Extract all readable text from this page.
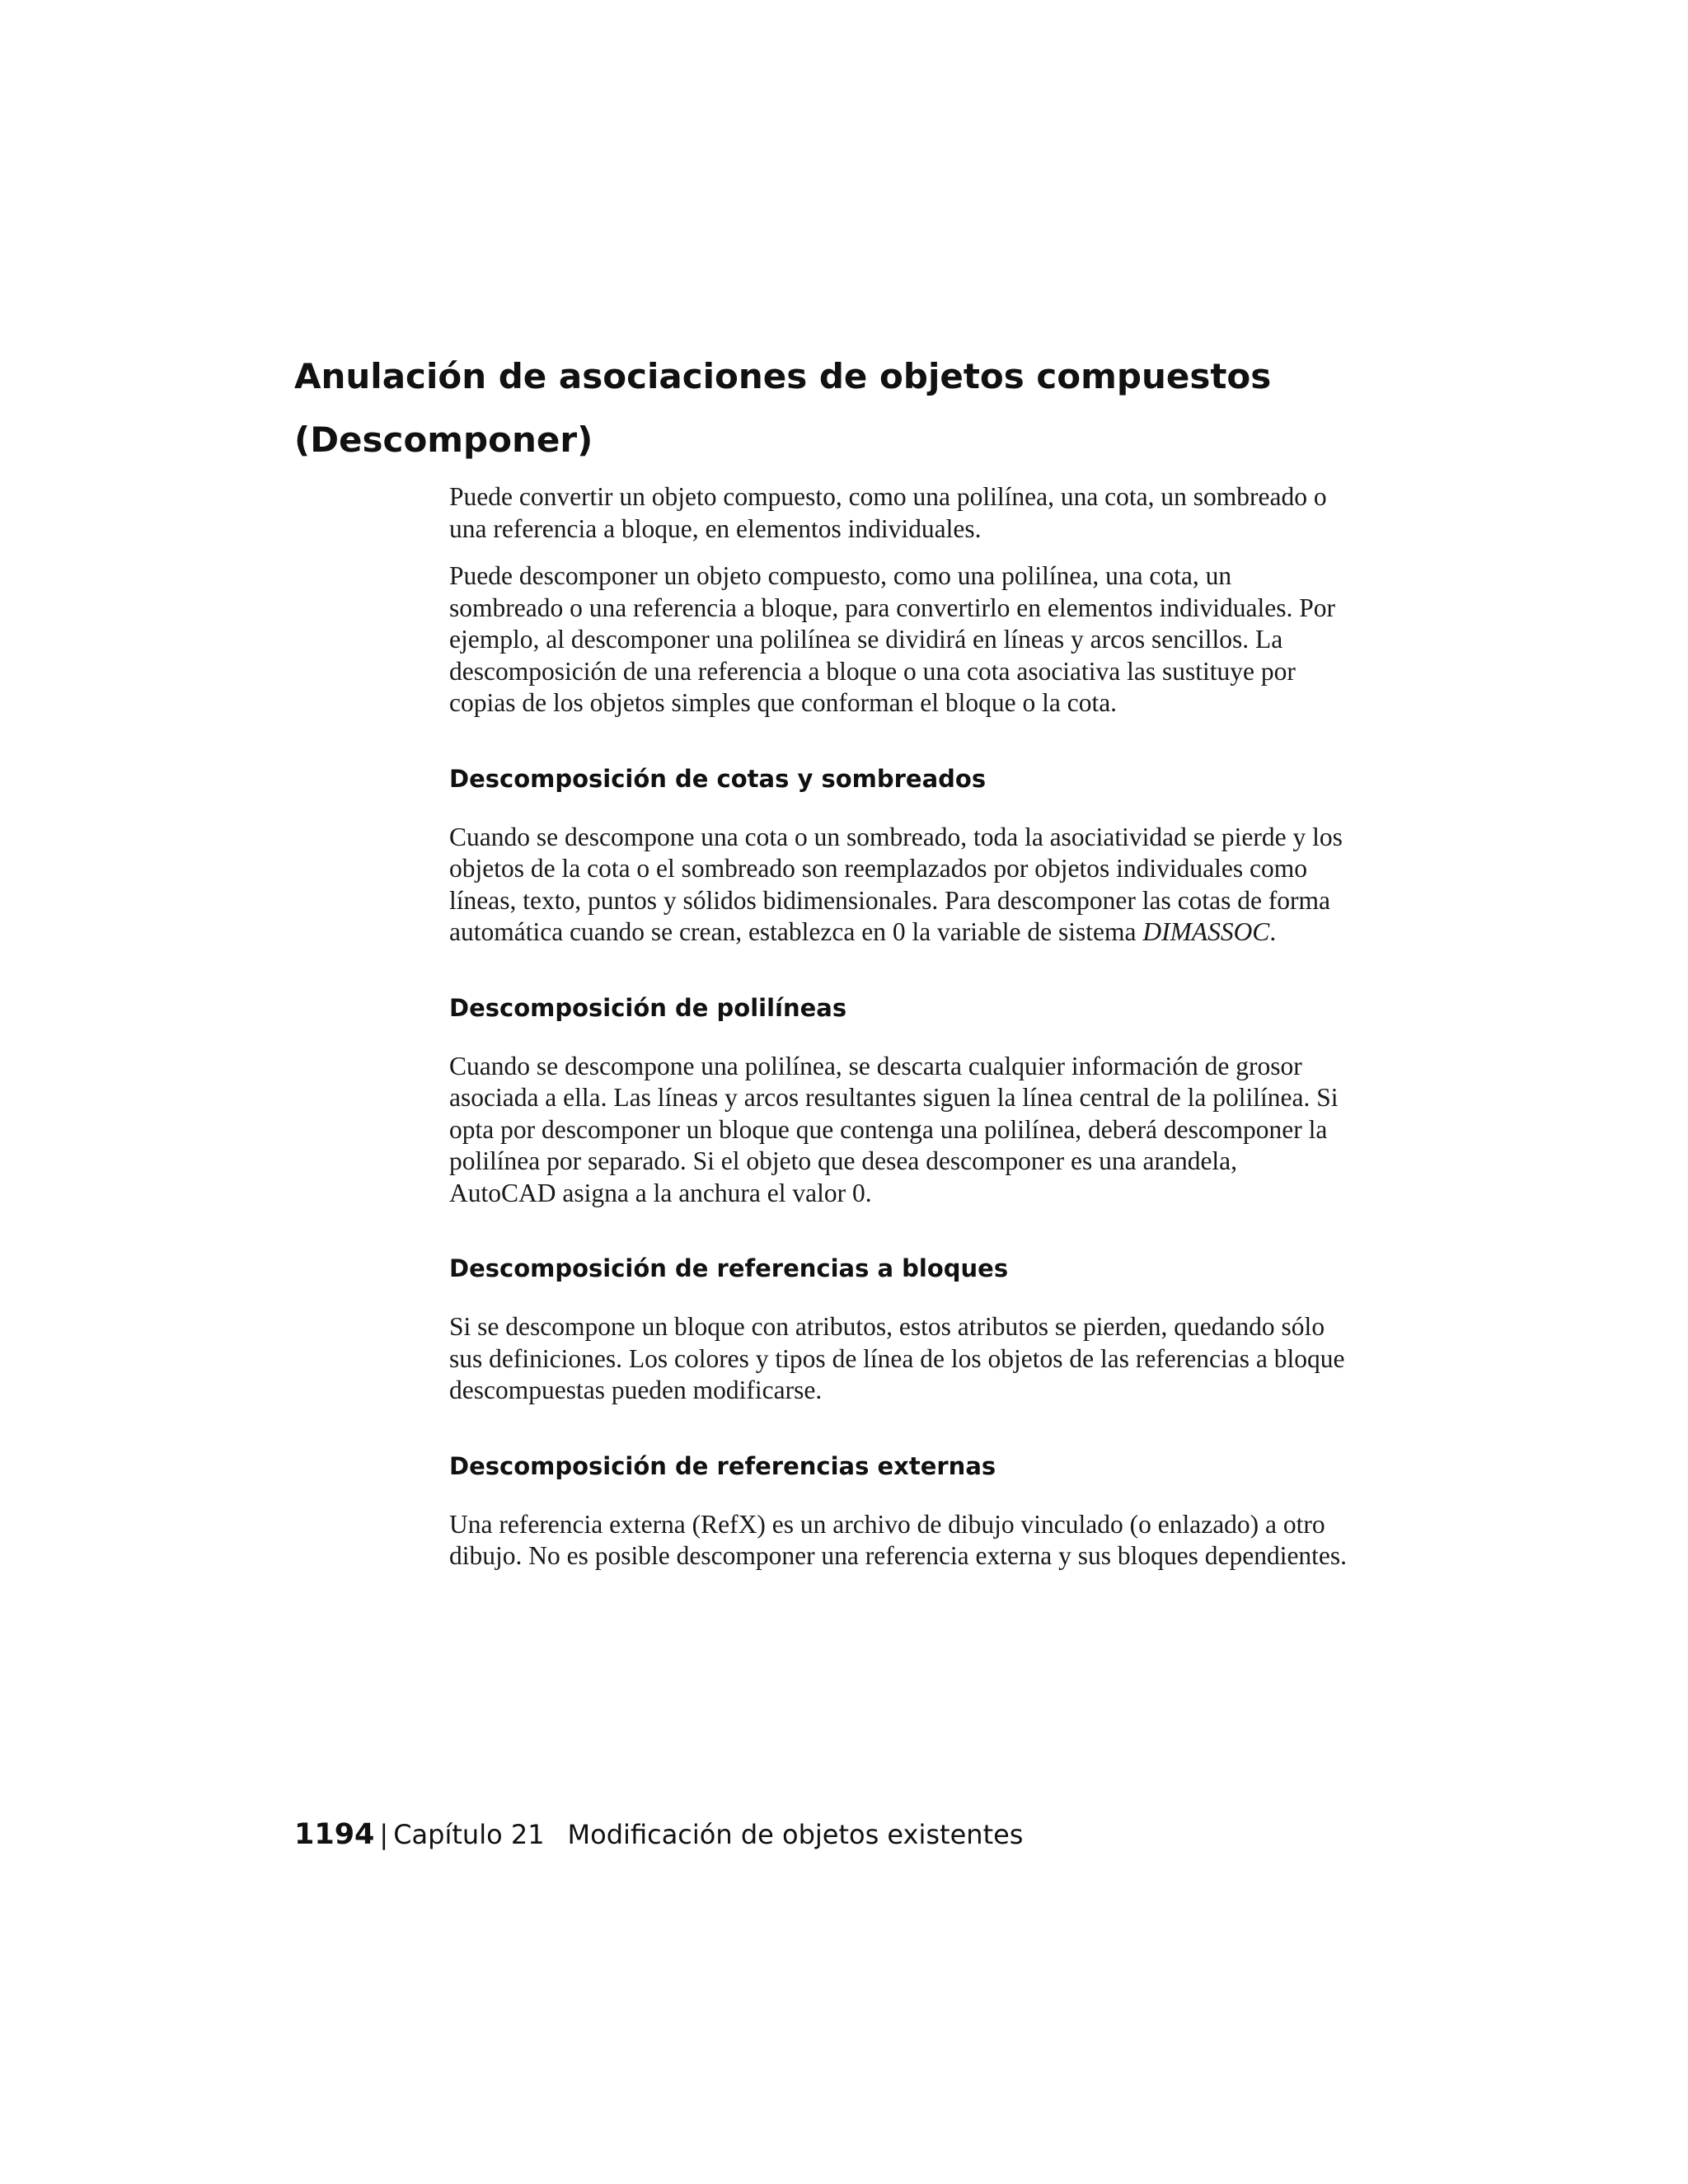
Anulación de asociaciones de objetos compuestos
(Descomponer)

Puede convertir un objeto compuesto, como una polilínea, una cota, un sombreado o una referencia a bloque, en elementos individuales.

Puede descomponer un objeto compuesto, como una polilínea, una cota, un sombreado o una referencia a bloque, para convertirlo en elementos individuales. Por ejemplo, al descomponer una polilínea se dividirá en líneas y arcos sencillos. La descomposición de una referencia a bloque o una cota asociativa las sustituye por copias de los objetos simples que conforman el bloque o la cota.

Descomposición de cotas y sombreados

Cuando se descompone una cota o un sombreado, toda la asociatividad se pierde y los objetos de la cota o el sombreado son reemplazados por objetos individuales como líneas, texto, puntos y sólidos bidimensionales. Para descomponer las cotas de forma automática cuando se crean, establezca en 0 la variable de sistema DIMASSOC.

Descomposición de polilíneas

Cuando se descompone una polilínea, se descarta cualquier información de grosor asociada a ella. Las líneas y arcos resultantes siguen la línea central de la polilínea. Si opta por descomponer un bloque que contenga una polilínea, deberá descomponer la polilínea por separado. Si el objeto que desea descomponer es una arandela, AutoCAD asigna a la anchura el valor 0.

Descomposición de referencias a bloques

Si se descompone un bloque con atributos, estos atributos se pierden, quedando sólo sus definiciones. Los colores y tipos de línea de los objetos de las referencias a bloque descompuestas pueden modificarse.

Descomposición de referencias externas

Una referencia externa (RefX) es un archivo de dibujo vinculado (o enlazado) a otro dibujo. No es posible descomponer una referencia externa y sus bloques dependientes.

1194 | Capítulo 21 Modificación de objetos existentes
